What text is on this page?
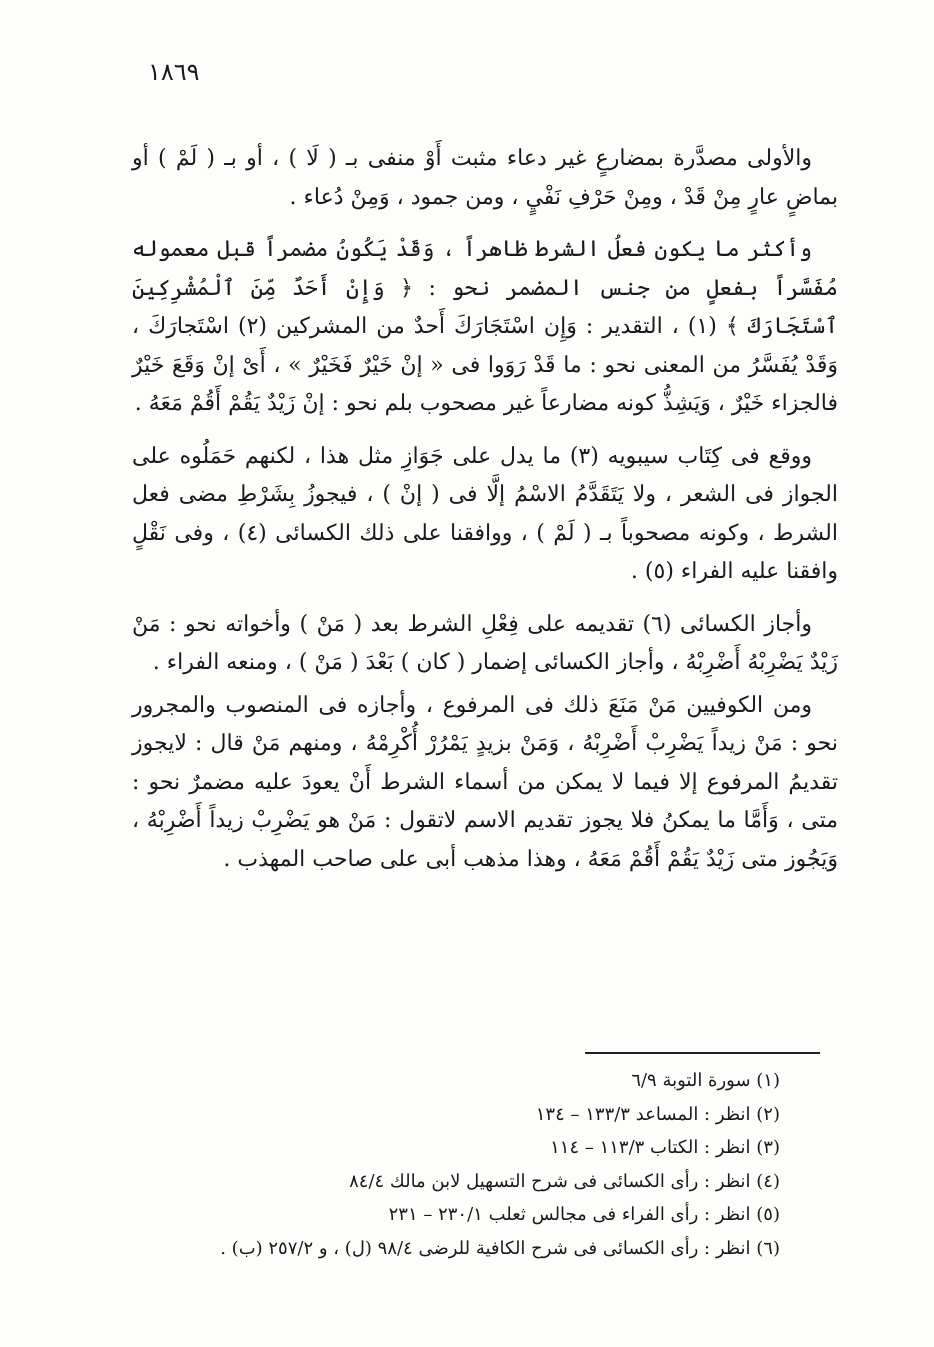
١٨٦٩

والأولى مصدَّرة بمضارعٍ غير دعاء مثبت أَوْ منفى بـ ( لَا ) ، أو بـ ( لَمْ ) أو بماضٍ عارٍ مِنْ قَدْ ، ومِنْ حَرْفِ نَفْيٍ ، ومن جمود ، وَمِنْ دُعاء .

وأكثر ما يكون فعلُ الشرط ظاهراً ، وَقَدْ يَكُونُ مضمراً قبل معموله مُفَسَّراً بفعلٍ من جنس المضمر نحو : ﴿ وَإِنْ أَحَدٌ مِّنَ ٱلْمُشْرِكِينَ ٱسْتَجَارَكَ ﴾ (١) ، التقدير : وَإِن اسْتَجَارَكَ أَحدٌ من المشركين (٢) اسْتَجارَكَ ، وَقَدْ يُفَسَّرُ من المعنى نحو : ما قَدْ رَوَوا فى « إنْ خَيْرٌ فَخَيْرٌ » ، أَىْ إنْ وَقَعَ خَيْرٌ فالجزاء خَيْرٌ ، وَيَشِذُّ كونه مضارعاً غير مصحوب بلم نحو : إنْ زَيْدٌ يَقُمْ أَقُمْ مَعَهُ .

ووقع فى كِتَاب سيبويه (٣) ما يدل على جَوَازِ مثل هذا ، لكنهم حَمَلُوه على الجواز فى الشعر ، ولا يَتَقَدَّمُ الاسْمُ إلَّا فى ( إنْ ) ، فيجوزُ بِشَرْطِ مضى فعل الشرط ، وكونه مصحوباً بـ ( لَمْ ) ، ووافقنا على ذلك الكسائى (٤) ، وفى نَقْلٍ وافقنا عليه الفراء (٥) .

وأجاز الكسائى (٦) تقديمه على فِعْلِ الشرط بعد ( مَنْ ) وأخواته نحو : مَنْ زَيْدٌ يَضْرِبْهُ أَضْرِبْهُ ، وأجاز الكسائى إضمار ( كان ) بَعْدَ ( مَنْ ) ، ومنعه الفراء .

ومن الكوفيين مَنْ مَنَعَ ذلك فى المرفوع ، وأجازه فى المنصوب والمجرور نحو : مَنْ زيداً يَضْرِبْ أَضْرِبْهُ ، وَمَنْ بزيدٍ يَمْرُرْ أُكْرِمْهُ ، ومنهم مَنْ قال : لايجوز تقديمُ المرفوع إلا فيما لا يمكن من أسماء الشرط أَنْ يعودَ عليه مضمرٌ نحو : متى ، وَأَمَّا ما يمكنُ فلا يجوز تقديم الاسم لاتقول : مَنْ هو يَضْرِبْ زيداً أَضْرِبْهُ ، وَيَجُوز متى زَيْدٌ يَقُمْ أَقُمْ مَعَهُ ، وهذا مذهب أبى على صاحب المهذب .

(١) سورة التوبة ٦/٩

(٢) انظر : المساعد ١٣٣/٣ – ١٣٤

(٣) انظر : الكتاب ١١٣/٣ – ١١٤

(٤) انظر : رأى الكسائى فى شرح التسهيل لابن مالك ٨٤/٤

(٥) انظر : رأى الفراء فى مجالس ثعلب ٢٣٠/١ – ٢٣١

(٦) انظر : رأى الكسائى فى شرح الكافية للرضى ٩٨/٤ (ل) ، و ٢٥٧/٢ (ب) .
